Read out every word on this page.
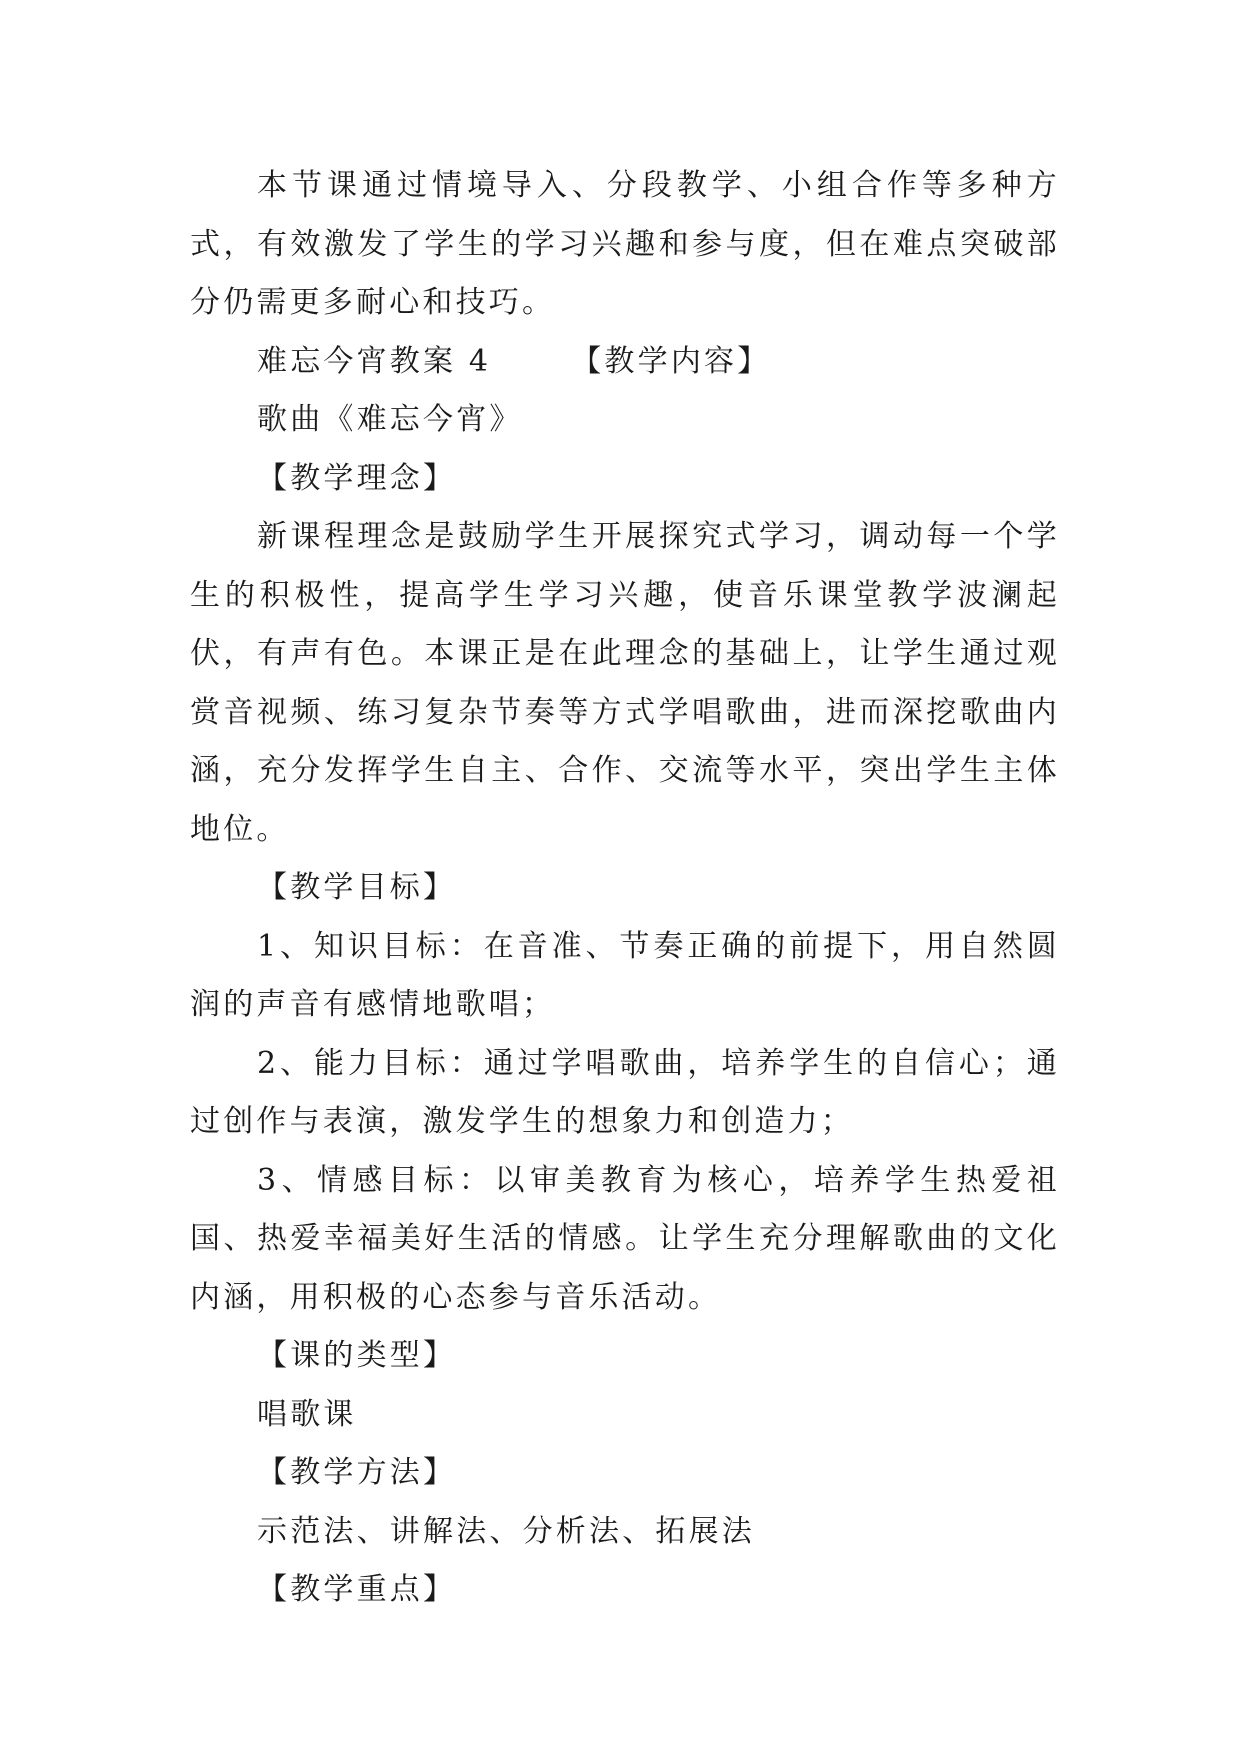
本节课通过情境导入、分段教学、小组合作等多种方式，有效激发了学生的学习兴趣和参与度，但在难点突破部分仍需更多耐心和技巧。

难忘今宵教案 4	【教学内容】

歌曲《难忘今宵》

【教学理念】

新课程理念是鼓励学生开展探究式学习，调动每一个学生的积极性，提高学生学习兴趣，使音乐课堂教学波澜起伏，有声有色。本课正是在此理念的基础上，让学生通过观赏音视频、练习复杂节奏等方式学唱歌曲，进而深挖歌曲内涵，充分发挥学生自主、合作、交流等水平，突出学生主体地位。

【教学目标】

1、知识目标：在音准、节奏正确的前提下，用自然圆润的声音有感情地歌唱；

2、能力目标：通过学唱歌曲，培养学生的自信心；通过创作与表演，激发学生的想象力和创造力；

3、情感目标：以审美教育为核心，培养学生热爱祖国、热爱幸福美好生活的情感。让学生充分理解歌曲的文化内涵，用积极的心态参与音乐活动。

【课的类型】

唱歌课

【教学方法】

示范法、讲解法、分析法、拓展法

【教学重点】
